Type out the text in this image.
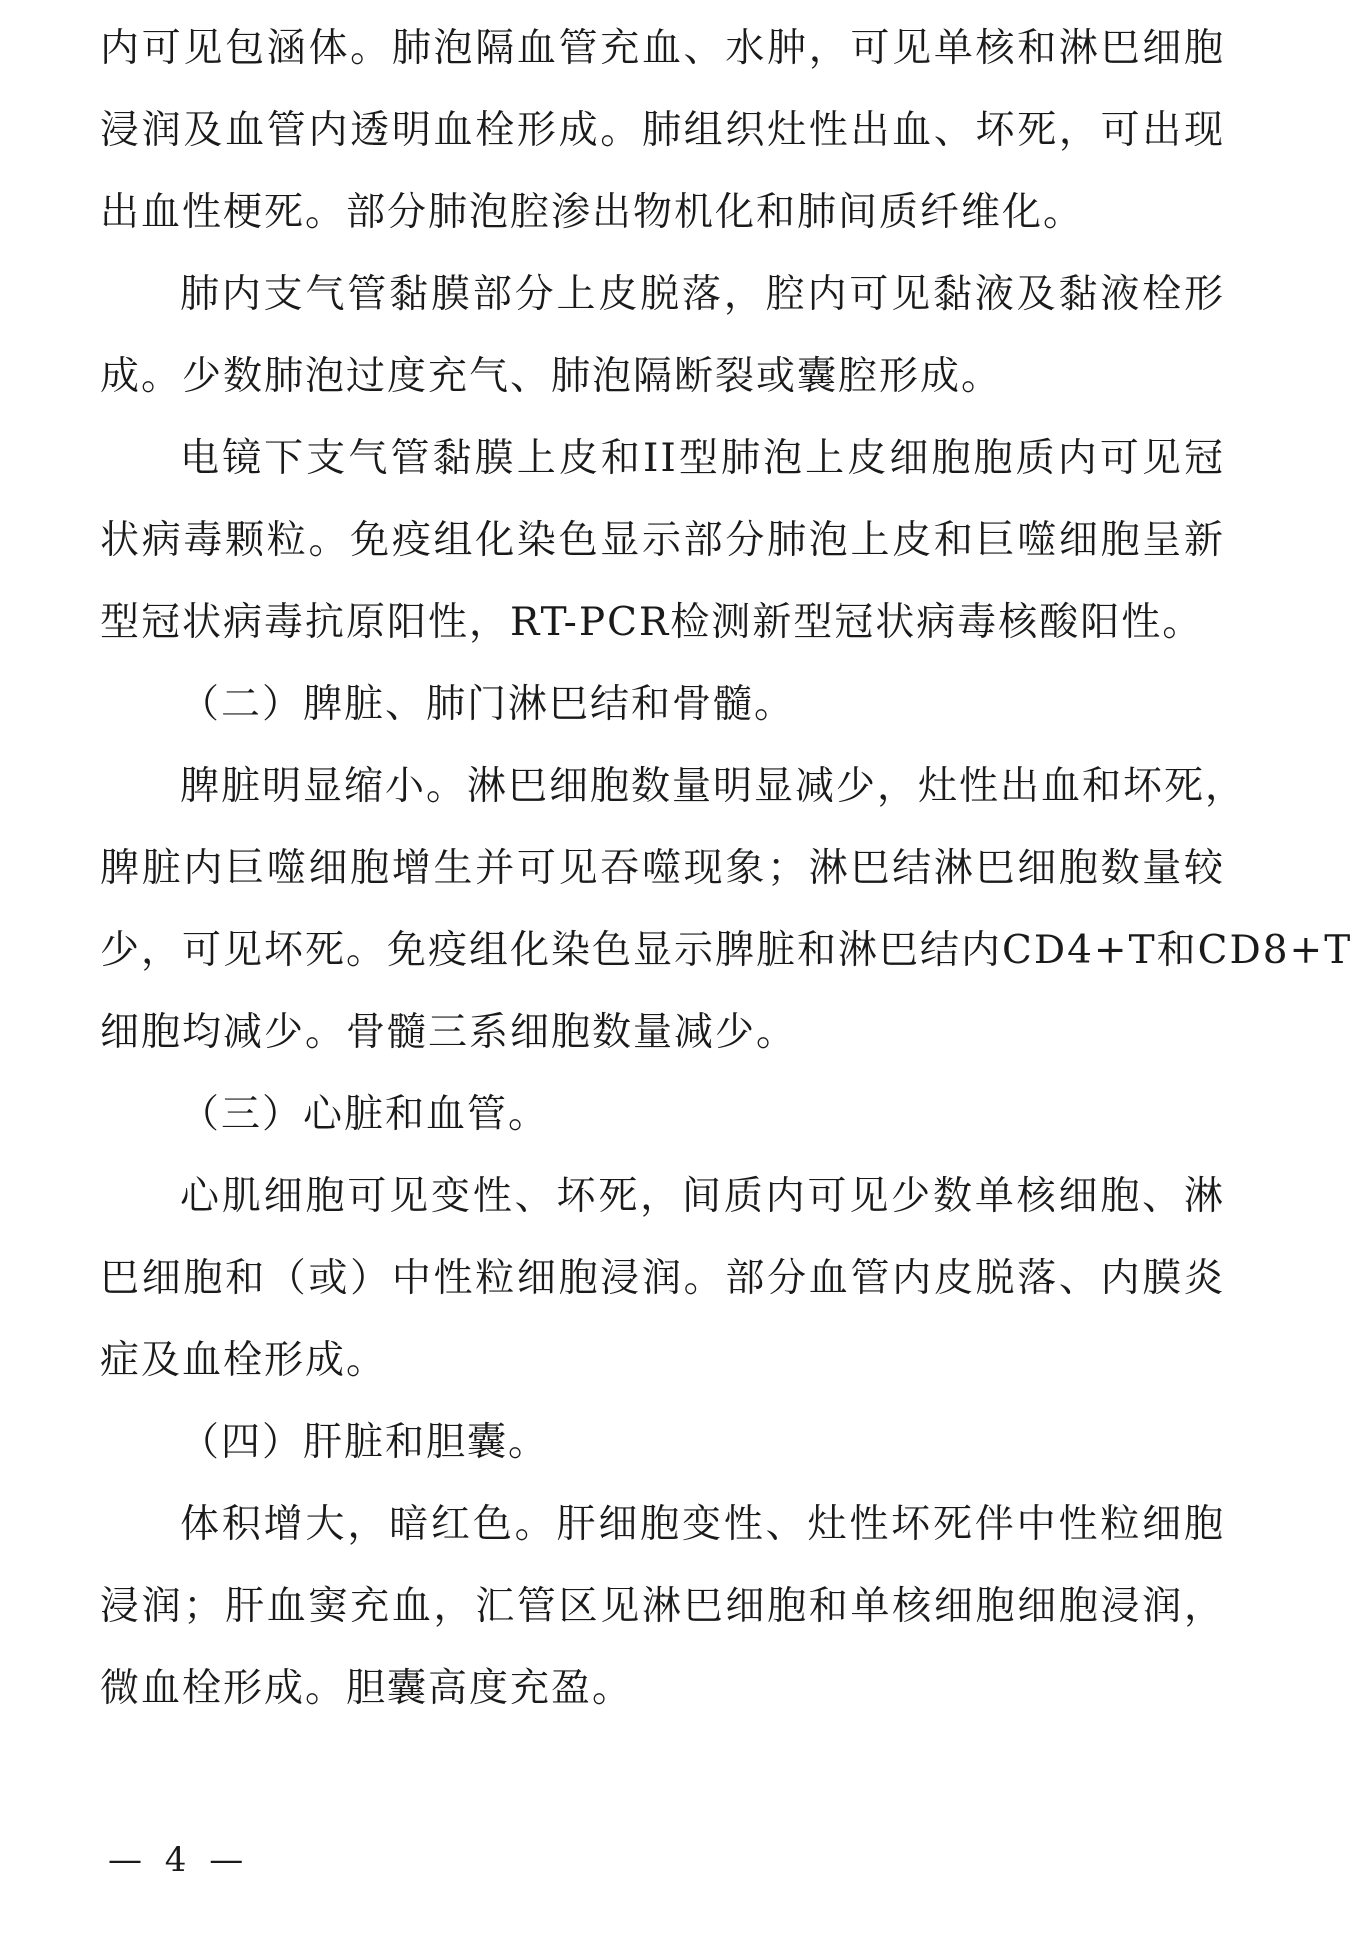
内可见包涵体。肺泡隔血管充血、水肿，可见单核和淋巴细胞
浸润及血管内透明血栓形成。肺组织灶性出血、坏死，可出现
出血性梗死。部分肺泡腔渗出物机化和肺间质纤维化。
肺内支气管黏膜部分上皮脱落，腔内可见黏液及黏液栓形
成。少数肺泡过度充气、肺泡隔断裂或囊腔形成。
电镜下支气管黏膜上皮和II型肺泡上皮细胞胞质内可见冠
状病毒颗粒。免疫组化染色显示部分肺泡上皮和巨噬细胞呈新
型冠状病毒抗原阳性，RT-PCR检测新型冠状病毒核酸阳性。
（二）脾脏、肺门淋巴结和骨髓。
脾脏明显缩小。淋巴细胞数量明显减少，灶性出血和坏死，
脾脏内巨噬细胞增生并可见吞噬现象；淋巴结淋巴细胞数量较
少，可见坏死。免疫组化染色显示脾脏和淋巴结内CD4+T和CD8+T
细胞均减少。骨髓三系细胞数量减少。
（三）心脏和血管。
心肌细胞可见变性、坏死，间质内可见少数单核细胞、淋
巴细胞和（或）中性粒细胞浸润。部分血管内皮脱落、内膜炎
症及血栓形成。
（四）肝脏和胆囊。
体积增大，暗红色。肝细胞变性、灶性坏死伴中性粒细胞
浸润；肝血窦充血，汇管区见淋巴细胞和单核细胞细胞浸润，
微血栓形成。胆囊高度充盈。
— 4 —
